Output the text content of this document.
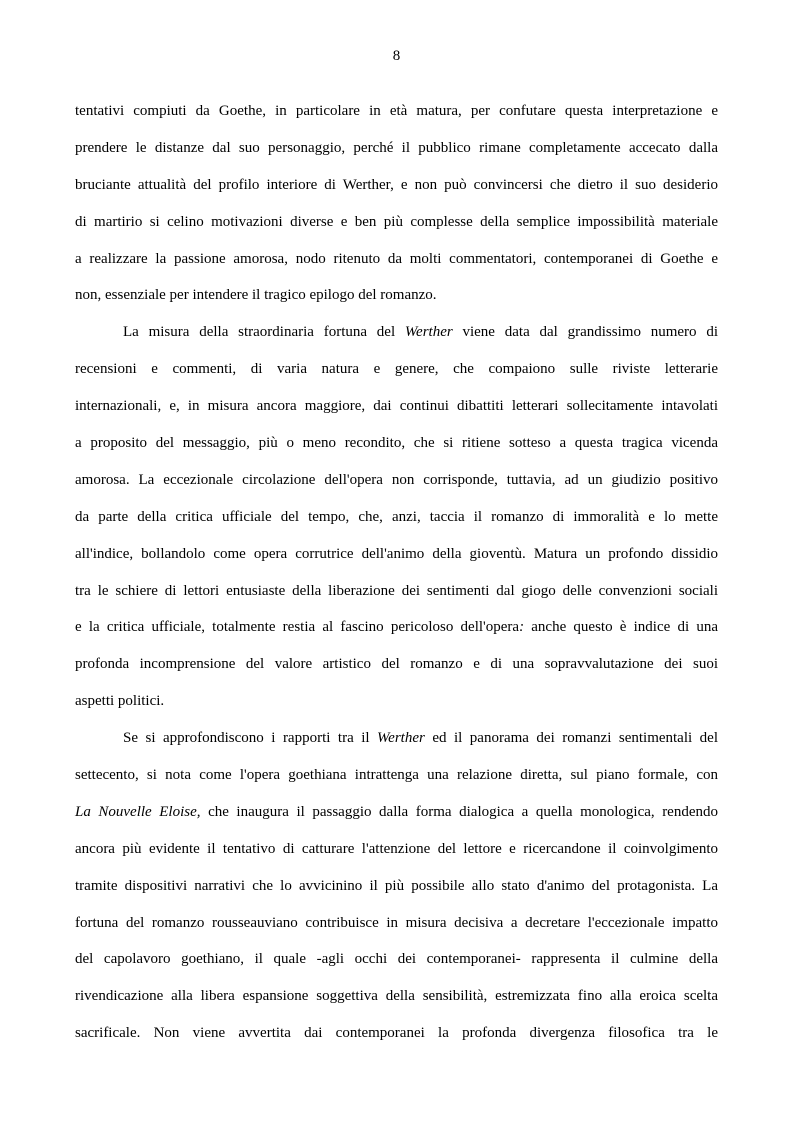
8

tentativi compiuti da Goethe, in particolare in età matura, per confutare questa interpretazione e
prendere le distanze dal suo personaggio, perché il pubblico rimane completamente accecato dalla
bruciante attualità del profilo interiore di Werther, e non può convincersi che dietro il suo desiderio
di martirio si celino motivazioni diverse e ben più complesse della semplice impossibilità materiale
a realizzare la passione amorosa, nodo ritenuto da molti commentatori, contemporanei di Goethe e
non, essenziale per intendere il tragico epilogo del romanzo.

La misura della straordinaria fortuna del Werther viene data dal grandissimo numero di
recensioni e commenti, di varia natura e genere, che compaiono sulle riviste letterarie
internazionali, e, in misura ancora maggiore, dai continui dibattiti letterari sollecitamente intavolati
a proposito del messaggio, più o meno recondito, che si ritiene sotteso a questa tragica vicenda
amorosa. La eccezionale circolazione dell'opera non corrisponde, tuttavia, ad un giudizio positivo
da parte della critica ufficiale del tempo, che, anzi, taccia il romanzo di immoralità e lo mette
all'indice, bollandolo come opera corrutrice dell'animo della gioventù. Matura un profondo dissidio
tra le schiere di lettori entusiaste della liberazione dei sentimenti dal giogo delle convenzioni sociali
e la critica ufficiale, totalmente restia al fascino pericoloso dell'opera: anche questo è indice di una
profonda incomprensione del valore artistico del romanzo e di una sopravvalutazione dei suoi
aspetti politici.

Se si approfondiscono i rapporti tra il Werther ed il panorama dei romanzi sentimentali del
settecento, si nota come l'opera goethiana intrattenga una relazione diretta, sul piano formale, con
La Nouvelle Eloise, che inaugura il passaggio dalla forma dialogica a quella monologica, rendendo
ancora più evidente il tentativo di catturare l'attenzione del lettore e ricercandone il coinvolgimento
tramite dispositivi narrativi che lo avvicinino il più possibile allo stato d'animo del protagonista. La
fortuna del romanzo rousseauviano contribuisce in misura decisiva a decretare l'eccezionale impatto
del capolavoro goethiano, il quale -agli occhi dei contemporanei- rappresenta il culmine della
rivendicazione alla libera espansione soggettiva della sensibilità, estremizzata fino alla eroica scelta
sacrificale. Non viene avvertita dai contemporanei la profonda divergenza filosofica tra le
